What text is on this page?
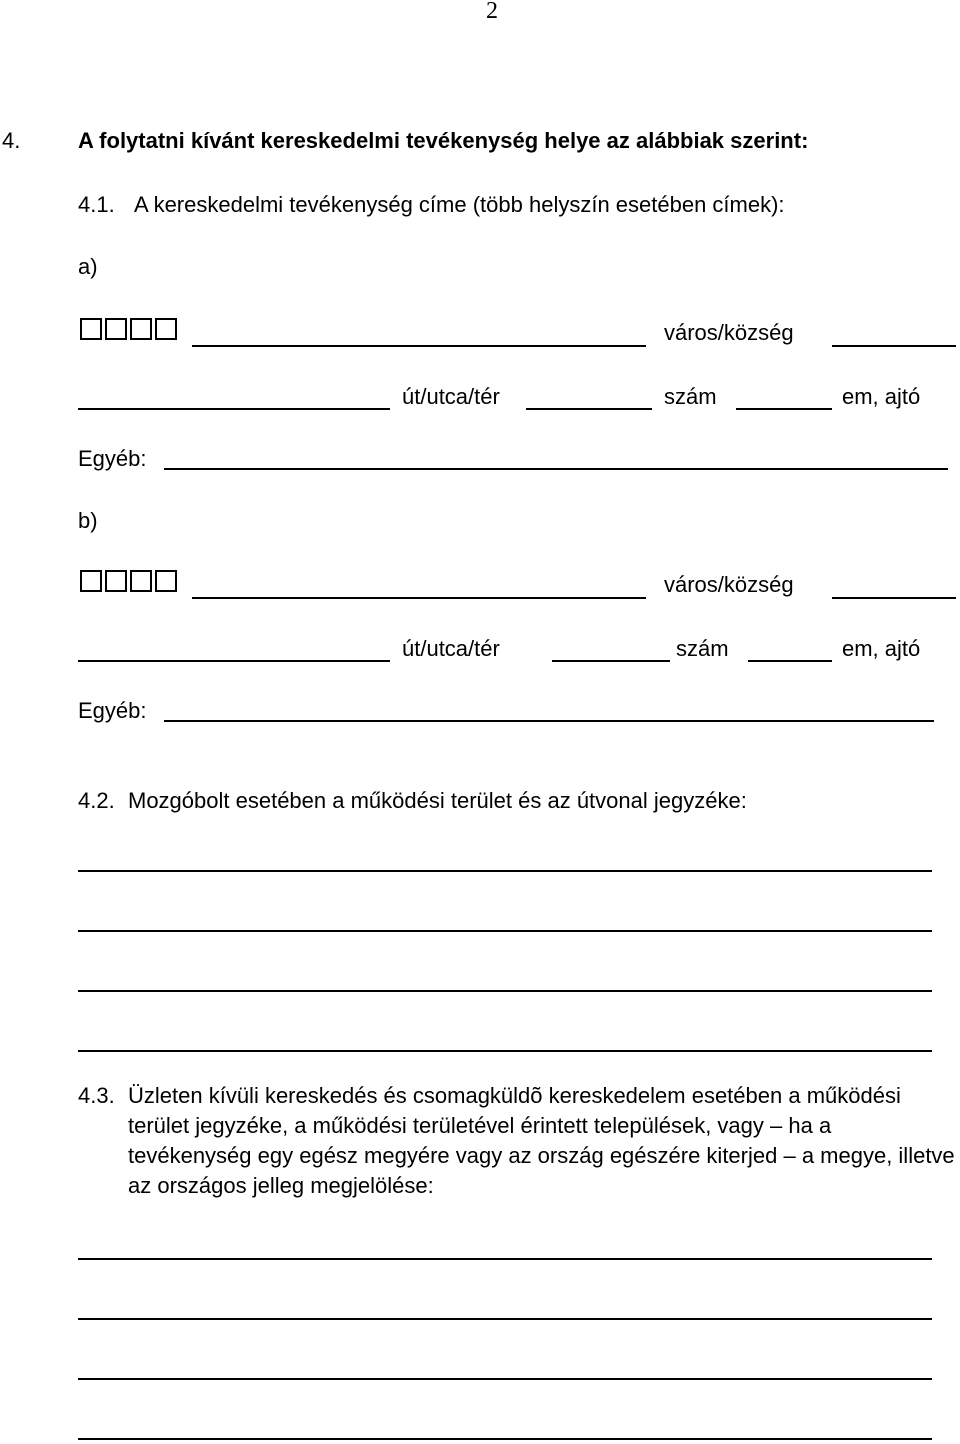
2
4.	A folytatni kívánt kereskedelmi tevékenység helye az alábbiak szerint:
4.1. A kereskedelmi tevékenység címe (több helyszín esetében címek):
a)
város/község
út/utca/tér	szám	em, ajtó
Egyéb:
b)
város/község
út/utca/tér	szám	em, ajtó
Egyéb:
4.2. Mozgóbolt esetében a működési terület és az útvonal jegyzéke:
4.3. Üzleten kívüli kereskedés és csomagküldõ kereskedelem esetében a működési terület jegyzéke, a működési területével érintett települések, vagy – ha a tevékenység egy egész megyére vagy az ország egészére kiterjed – a megye, illetve az országos jelleg megjelölése:
